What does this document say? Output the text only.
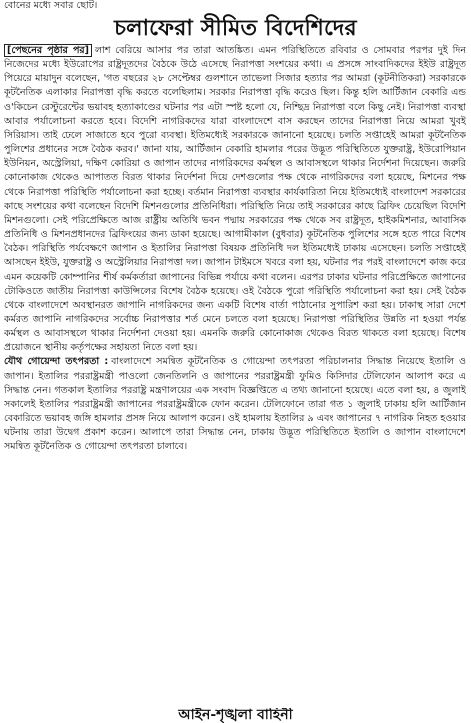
বোনের মধ্যে সবার ছোট।
চলাফেরা সীমিত বিদেশিদের

[পেছনের পৃষ্ঠার পর] লাশ বেরিয়ে আসার পর তারা আতঙ্কিত। এমন পরিস্থিতিতে রবিবার ও সোমবার পরপর দুই দিন নিজেদের মধ্যে ইউরোপের রাষ্ট্রদূতদের বৈঠকে উঠে এসেছে নিরাপত্তা সংশয়ের কথা। এ প্রসঙ্গে সাংবাদিকদের ইইউ রাষ্ট্রদূত পিয়েরে মায়াদুন বলেছেন, 'গত বছরের ২৮ সেপ্টেম্বর গুলশানে তাভেলা সিজার হত্যার পর আমরা (কূটনীতিকরা) সরকারকে কূটনৈতিক এলাকার নিরাপত্তা বৃদ্ধি করতে বলেছিলাম। সরকার নিরাপত্তা বৃদ্ধি করেও ছিল। কিন্তু হলি আর্টিজান বেকারি এন্ড ও'কিচেন রেস্টুরেন্টের ভয়াবহ হত্যাকাণ্ডের ঘটনার পর এটা স্পষ্ট হলো যে, নিশ্ছিদ্র নিরাপত্তা বলে কিছু নেই। নিরাপত্তা ব্যবস্থা আবার পর্যালোচনা করতে হবে। বিদেশি নাগরিকদের যারা বাংলাদেশে বাস করছেন তাদের নিরাপত্তা নিয়ে আমরা খুবই সিরিয়াস। তাই ঢেলে সাজাতে হবে পুরো ব্যবস্থা। ইতিমধ্যেই সরকারকে জানানো হয়েছে। চলতি সপ্তাহেই আমরা কূটনৈতিক পুলিশের প্রধানের সঙ্গে বৈঠক করব।' জানা যায়, আর্টিজান বেকারি হামলার পরের উদ্ভূত পরিস্থিতিতে যুক্তরাষ্ট্র, ইউরোপিয়ান ইউনিয়ন, অস্ট্রেলিয়া, দক্ষিণ কোরিয়া ও জাপান তাদের নাগরিকদের কর্মস্থল ও আবাসস্থলে থাকার নির্দেশনা দিয়েছেন। জরুরি কোনোকাজ থেকেও আপাতত বিরত থাকার নির্দেশনা দিয়ে দেশগুলোর পক্ষ থেকে নাগরিকদের বলা হয়েছে, মিশনের পক্ষ থেকে নিরাপত্তা পরিস্থিতি পর্যালোচনা করা হচ্ছে। বর্তমান নিরাপত্তা ব্যবস্থার কার্যকারিতা নিয়ে ইতিমধ্যেই বাংলাদেশ সরকারের কাছে সংশয়ের কথা বলেছেন বিদেশি মিশনগুলোর প্রতিনিধিরা। পরিস্থিতি নিয়ে তাই সরকারের কাছে ব্রিফিং চেয়েছিল বিদেশি মিশনগুলো। সেই পরিপ্রেক্ষিতে আজ রাষ্ট্রীয় অতিথি ভবন পদ্মায় সরকারের পক্ষ থেকে সব রাষ্ট্রদূত, হাইকমিশনার, আবাসিক প্রতিনিধি ও মিশনপ্রধানদের ব্রিফিংয়ের জন্য ডাকা হয়েছে। আগামীকাল (বুধবার) কূটনৈতিক পুলিশের সঙ্গে হতে পারে বিশেষ বৈঠক। পরিস্থিতি পর্যবেক্ষণে জাপান ও ইতালির নিরাপত্তা বিষয়ক প্রতিনিধি দল ইতিমধ্যেই ঢাকায় এসেছেন। চলতি সপ্তাহেই আসছেন ইইউ, যুক্তরাষ্ট্র ও অস্ট্রেলিয়ার নিরাপত্তা দল। জাপান টাইমসে খবরে বলা হয়, ঘটনার পর পরই বাংলাদেশে কাজ করে এমন কয়েকটি কোম্পানির শীর্ষ কর্মকর্তারা জাপানের বিভিন্ন পর্যায়ে কথা বলেন। এরপর ঢাকার ঘটনার পরিপ্রেক্ষিতে জাপানের টোকিওতে জাতীয় নিরাপত্তা কাউন্সিলের বিশেষ বৈঠক হয়েছে। ওই বৈঠকে পুরো পরিস্থিতি পর্যালোচনা করা হয়। সেই বৈঠক থেকে বাংলাদেশে অবস্থানরত জাপানি নাগরিকদের জন্য একটি বিশেষ বার্তা পাঠানোর সুপারিশ করা হয়। ঢাকাস্থ সারা দেশে কর্মরত জাপানি নাগরিকদের সর্বোচ্চ নিরাপত্তার শর্ত মেনে চলতে বলা হয়েছে। নিরাপত্তা পরিস্থিতির উন্নতি না হওয়া পর্যন্ত কর্মস্থল ও আবাসস্থলে থাকার নির্দেশনা দেওয়া হয়। এমনকি জরুরি কোনোকাজ থেকেও বিরত থাকতে বলা হয়েছে। বিশেষ প্রয়োজনে স্থানীয় কর্তৃপক্ষের সহায়তা নিতে বলা হয়।

যৌথ গোয়েন্দা তৎপরতা : বাংলাদেশে সমন্বিত কূটনৈতিক ও গোয়েন্দা তৎপরতা পরিচালনার সিদ্ধান্ত নিয়েছে ইতালি ও জাপান। ইতালির পররাষ্ট্রমন্ত্রী পাওলো জেনতিলনি ও জাপানের পররাষ্ট্রমন্ত্রী ফুমিও কিসিদার টেলিফোন আলাপ করে এ সিদ্ধান্ত নেন। গতকাল ইতালির পররাষ্ট্র মন্ত্রণালয়ের এক সংবাদ বিজ্ঞপ্তিতে এ তথ্য জানানো হয়েছে। এতে বলা হয়, ৪ জুলাই সকালেই ইতালির পররাষ্ট্রমন্ত্রী জাপানের পররাষ্ট্রমন্ত্রীকে ফোন করেন। টেলিফোনে তারা গত ১ জুলাই ঢাকায় হলি আর্টিজান বেকারিতে ভয়াবহ জঙ্গি হামলার প্রসঙ্গ নিয়ে আলাপ করেন। ওই হামলায় ইতালির ৯ এবং জাপানের ৭ নাগরিক নিহত হওয়ার ঘটনায় তারা উদ্বেগ প্রকাশ করেন। আলাপে তারা সিদ্ধান্ত নেন, ঢাকায় উদ্ভূত পরিস্থিতিতে ইতালি ও জাপান বাংলাদেশে সমন্বিত কূটনৈতিক ও গোয়েন্দা তৎপরতা চালাবে।

আইন-শৃঙ্খলা বাহিনী
